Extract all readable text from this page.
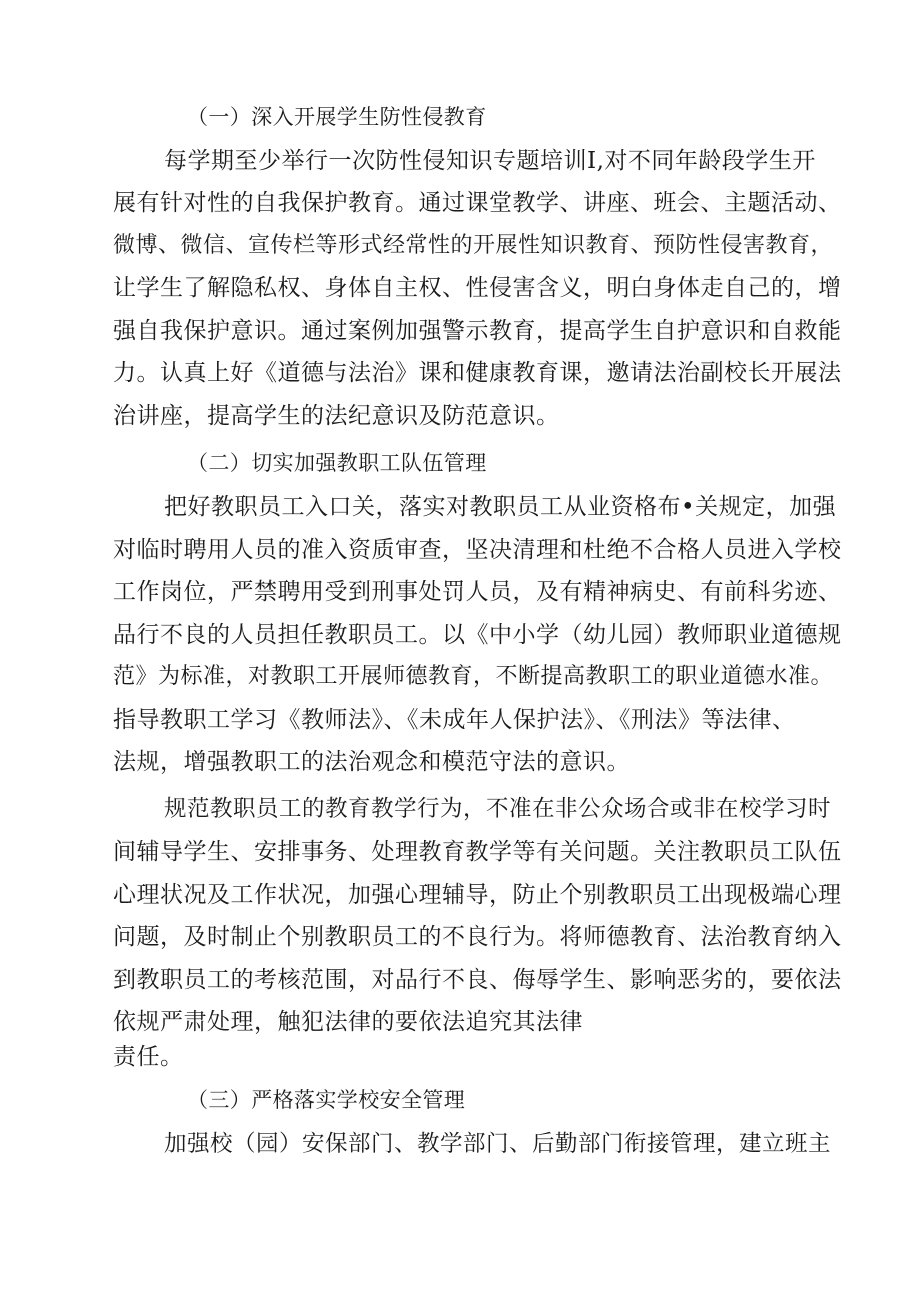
（一）深入开展学生防性侵教育
每学期至少举行一次防性侵知识专题培训I,对不同年龄段学生开
展有针对性的自我保护教育。通过课堂教学、讲座、班会、主题活动、
微博、微信、宣传栏等形式经常性的开展性知识教育、预防性侵害教育，
让学生了解隐私权、身体自主权、性侵害含义，明白身体走自己的，增
强自我保护意识。通过案例加强警示教育，提高学生自护意识和自救能
力。认真上好《道德与法治》课和健康教育课，邀请法治副校长开展法
治讲座，提高学生的法纪意识及防范意识。
（二）切实加强教职工队伍管理
把好教职员工入口关，落实对教职员工从业资格布•关规定，加强
对临时聘用人员的准入资质审查，坚决清理和杜绝不合格人员进入学校
工作岗位，严禁聘用受到刑事处罚人员，及有精神病史、有前科劣迹、
品行不良的人员担任教职员工。以《中小学（幼儿园）教师职业道德规
范》为标准，对教职工开展师德教育，不断提高教职工的职业道德水准。
指导教职工学习《教师法》、《未成年人保护法》、《刑法》等法律、
法规，增强教职工的法治观念和模范守法的意识。
规范教职员工的教育教学行为，不准在非公众场合或非在校学习时
间辅导学生、安排事务、处理教育教学等有关问题。关注教职员工队伍
心理状况及工作状况，加强心理辅导，防止个别教职员工出现极端心理
问题，及时制止个别教职员工的不良行为。将师德教育、法治教育纳入
到教职员工的考核范围，对品行不良、侮辱学生、影响恶劣的，要依法
依规严肃处理，触犯法律的要依法追究其法律
责任。
（三）严格落实学校安全管理
加强校（园）安保部门、教学部门、后勤部门衔接管理，建立班主
